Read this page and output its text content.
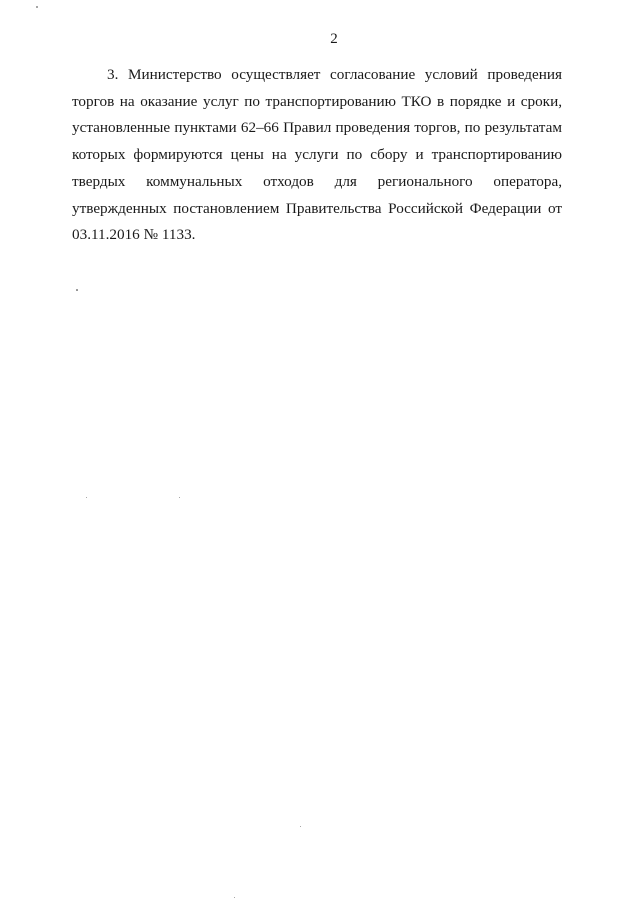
2

3. Министерство осуществляет согласование условий проведения торгов на оказание услуг по транспортированию ТКО в порядке и сроки, установленные пунктами 62–66 Правил проведения торгов, по результатам которых формируются цены на услуги по сбору и транспортированию твердых коммунальных отходов для регионального оператора, утвержденных постановлением Правительства Российской Федерации от 03.11.2016 № 1133.
